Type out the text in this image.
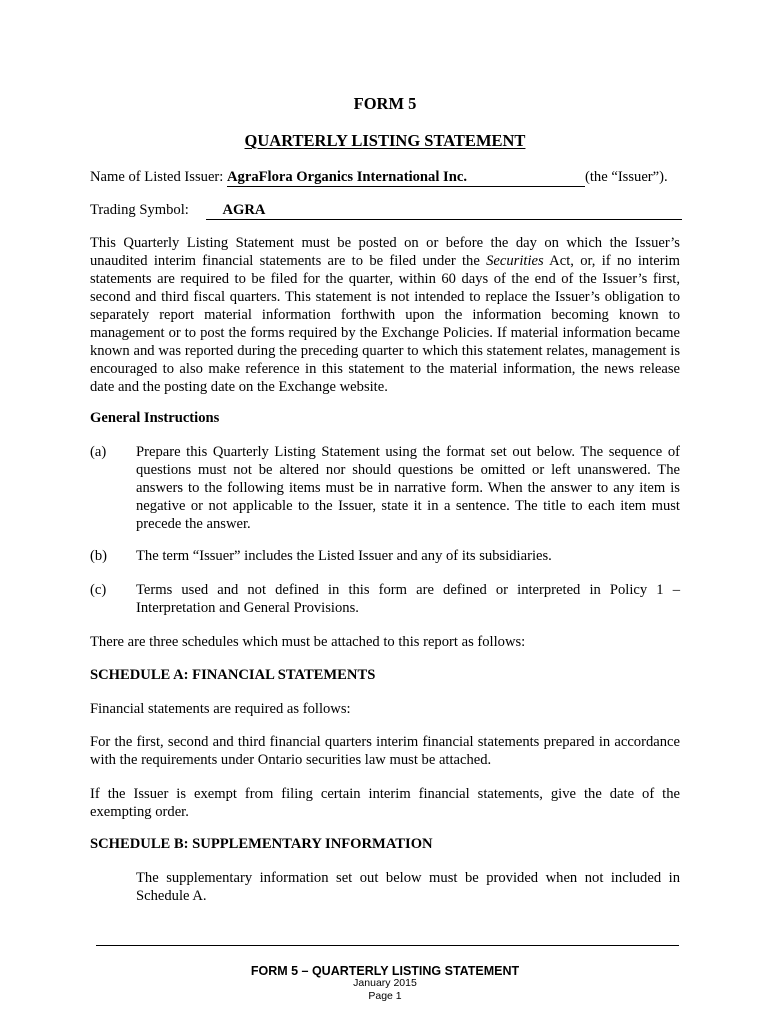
FORM 5
QUARTERLY LISTING STATEMENT
Name of Listed Issuer: AgraFlora Organics International Inc.	(the “Issuer”).
Trading Symbol: AGRA
This Quarterly Listing Statement must be posted on or before the day on which the Issuer’s unaudited interim financial statements are to be filed under the Securities Act, or, if no interim statements are required to be filed for the quarter, within 60 days of the end of the Issuer’s first, second and third fiscal quarters. This statement is not intended to replace the Issuer’s obligation to separately report material information forthwith upon the information becoming known to management or to post the forms required by the Exchange Policies. If material information became known and was reported during the preceding quarter to which this statement relates, management is encouraged to also make reference in this statement to the material information, the news release date and the posting date on the Exchange website.
General Instructions
(a) Prepare this Quarterly Listing Statement using the format set out below. The sequence of questions must not be altered nor should questions be omitted or left unanswered. The answers to the following items must be in narrative form. When the answer to any item is negative or not applicable to the Issuer, state it in a sentence. The title to each item must precede the answer.
(b) The term “Issuer” includes the Listed Issuer and any of its subsidiaries.
(c) Terms used and not defined in this form are defined or interpreted in Policy 1 – Interpretation and General Provisions.
There are three schedules which must be attached to this report as follows:
SCHEDULE A: FINANCIAL STATEMENTS
Financial statements are required as follows:
For the first, second and third financial quarters interim financial statements prepared in accordance with the requirements under Ontario securities law must be attached.
If the Issuer is exempt from filing certain interim financial statements, give the date of the exempting order.
SCHEDULE B: SUPPLEMENTARY INFORMATION
The supplementary information set out below must be provided when not included in Schedule A.
FORM 5 – QUARTERLY LISTING STATEMENT
January 2015
Page 1
